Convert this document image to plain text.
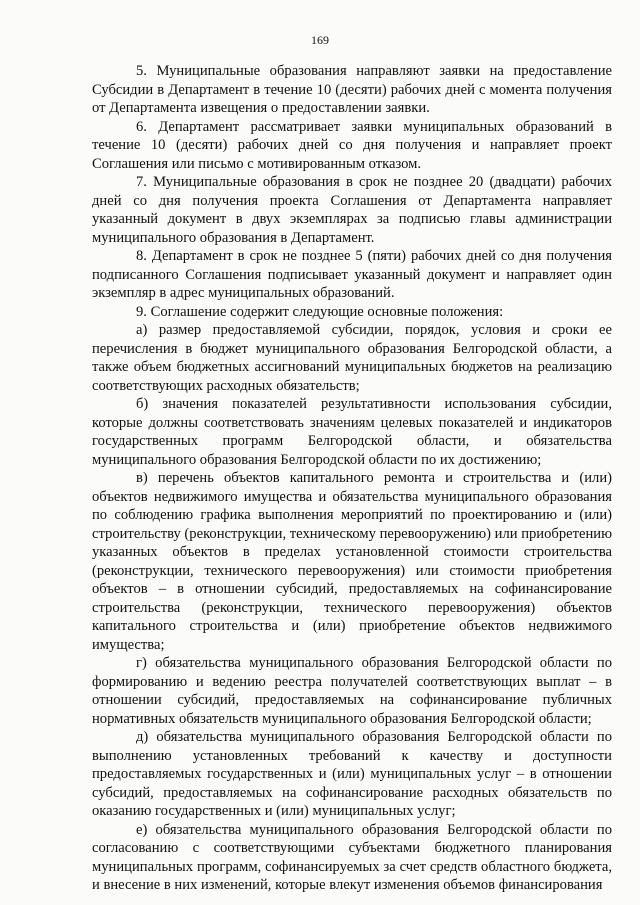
169

5. Муниципальные образования направляют заявки на предоставление Субсидии в Департамент в течение 10 (десяти) рабочих дней с момента получения от Департамента извещения о предоставлении заявки.

6. Департамент рассматривает заявки муниципальных образований в течение 10 (десяти) рабочих дней со дня получения и направляет проект Соглашения или письмо с мотивированным отказом.

7. Муниципальные образования в срок не позднее 20 (двадцати) рабочих дней со дня получения проекта Соглашения от Департамента направляет указанный документ в двух экземплярах за подписью главы администрации муниципального образования в Департамент.

8. Департамент в срок не позднее 5 (пяти) рабочих дней со дня получения подписанного Соглашения подписывает указанный документ и направляет один экземпляр в адрес муниципальных образований.

9. Соглашение содержит следующие основные положения:

а) размер предоставляемой субсидии, порядок, условия и сроки ее перечисления в бюджет муниципального образования Белгородской области, а также объем бюджетных ассигнований муниципальных бюджетов на реализацию соответствующих расходных обязательств;

б) значения показателей результативности использования субсидии, которые должны соответствовать значениям целевых показателей и индикаторов государственных программ Белгородской области, и обязательства муниципального образования Белгородской области по их достижению;

в) перечень объектов капитального ремонта и строительства и (или) объектов недвижимого имущества и обязательства муниципального образования по соблюдению графика выполнения мероприятий по проектированию и (или) строительству (реконструкции, техническому перевооружению) или приобретению указанных объектов в пределах установленной стоимости строительства (реконструкции, технического перевооружения) или стоимости приобретения объектов – в отношении субсидий, предоставляемых на софинансирование строительства (реконструкции, технического перевооружения) объектов капитального строительства и (или) приобретение объектов недвижимого имущества;

г) обязательства муниципального образования Белгородской области по формированию и ведению реестра получателей соответствующих выплат – в отношении субсидий, предоставляемых на софинансирование публичных нормативных обязательств муниципального образования Белгородской области;

д) обязательства муниципального образования Белгородской области по выполнению установленных требований к качеству и доступности предоставляемых государственных и (или) муниципальных услуг – в отношении субсидий, предоставляемых на софинансирование расходных обязательств по оказанию государственных и (или) муниципальных услуг;

е) обязательства муниципального образования Белгородской области по согласованию с соответствующими субъектами бюджетного планирования муниципальных программ, софинансируемых за счет средств областного бюджета, и внесение в них изменений, которые влекут изменения объемов финансирования
